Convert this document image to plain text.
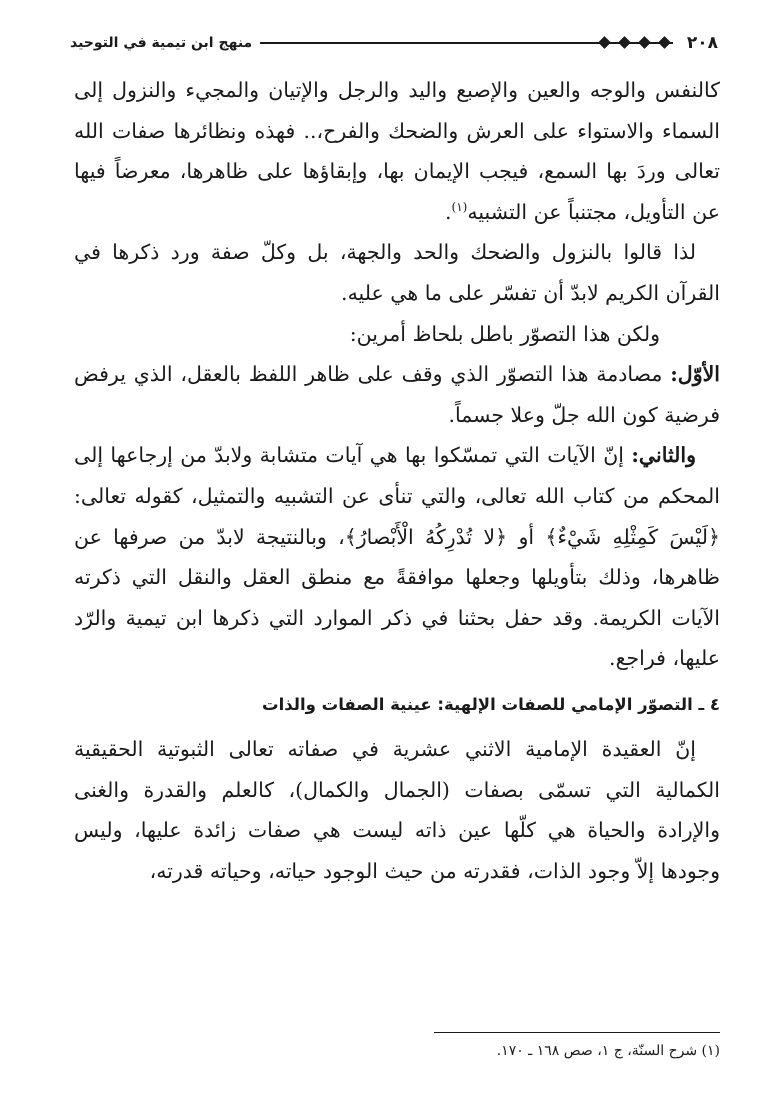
٢٠٨
منهج ابن تيمية في التوحيد

كالنفس والوجه والعين والإصبع واليد والرجل والإتيان والمجيء والنزول إلى السماء والاستواء على العرش والضحك والفرح،.. فهذه ونظائرها صفات الله تعالى وردَ بها السمع، فيجب الإيمان بها، وإبقاؤها على ظاهرها، معرضاً فيها عن التأويل، مجتنباً عن التشبيه$^{(١)}$.

لذا قالوا بالنزول والضحك والحد والجهة، بل وكلّ صفة ورد ذكرها في القرآن الكريم لابدّ أن تفسّر على ما هي عليه.

ولكن هذا التصوّر باطل بلحاظ أمرين:

الأوّل: مصادمة هذا التصوّر الذي وقف على ظاهر اللفظ بالعقل، الذي يرفض فرضية كون الله جلّ وعلا جسماً.

والثاني: إنّ الآيات التي تمسّكوا بها هي آيات متشابة ولابدّ من إرجاعها إلى المحكم من كتاب الله تعالى، والتي تنأى عن التشبيه والتمثيل، كقوله تعالى: ﴿لَيْسَ كَمِثْلِهِ شَيْءٌ﴾ أو ﴿لا تُدْرِكُهُ الْأَبْصارُ﴾، وبالنتيجة لابدّ من صرفها عن ظاهرها، وذلك بتأويلها وجعلها موافقةً مع منطق العقل والنقل التي ذكرته الآيات الكريمة. وقد حفل بحثنا في ذكر الموارد التي ذكرها ابن تيمية والرّد عليها، فراجع.

٤ ـ التصوّر الإمامي للصفات الإلهية: عينية الصفات والذات

إنّ العقيدة الإمامية الاثني عشرية في صفاته تعالى الثبوتية الحقيقية الكمالية التي تسمّى بصفات (الجمال والكمال)، كالعلم والقدرة والغنى والإرادة والحياة هي كلّها عين ذاته ليست هي صفات زائدة عليها، وليس وجودها إلاّ وجود الذات، فقدرته من حيث الوجود حياته، وحياته قدرته،

(١) شرح السنّة، ج ١، صص ١٦٨ ـ ١٧٠.
